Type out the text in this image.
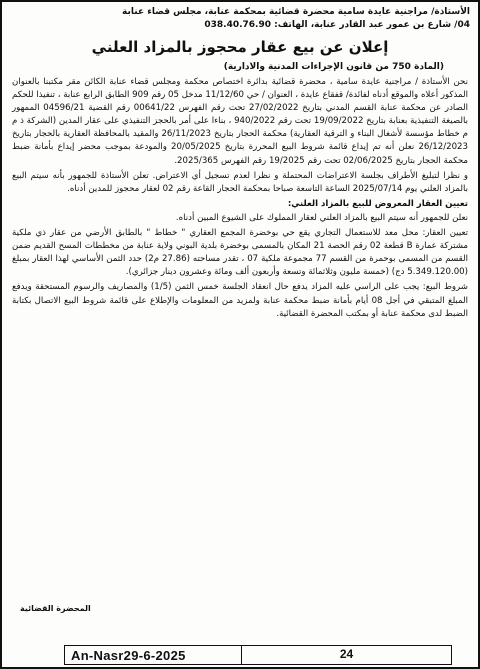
الأستاذة/ مراجنية عايدة سامية محضرة قضائية بمحكمة عنابة، مجلس قضاء عنابة
04/ شارع بن عمور عبد القادر عنابة، الهاتف: 038.40.76.90
إعلان عن بيع عقار محجوز بالمزاد العلني
(المادة 750 من قانون الإجراءات المدنية والادارية)

نحن الأستاذة / مراجنية عايدة سامية ، محضرة قضائية بدائرة اختصاص محكمة ومجلس قضاء عنابة الكائن مقر مكتبنا بالعنوان المذكور أعلاه والموقع أدناه لفائدة/ قفقاع عايدة ، العنوان / حي 11/12/60 مدخل 05 رقم 909 الطابق الرابع عنابة ، تنفيذا للحكم الصادر عن محكمة عنابة القسم المدني بتاريخ 27/02/2022 تحت رقم الفهرس 00641/22 رقم القضية 04596/21 الممهور بالصيغة التنفيذية بعنابة بتاريخ 19/09/2022 تحت رقم 940/2022 ، بناءا على أمر بالحجز التنفيذي على عقار المدين (الشركة ذ م م خطاط مؤسسة لأشغال البناء و الترقية العقارية) محكمة الحجار بتاريخ 26/11/2023 والمقيد بالمحافظة العقارية بالحجار بتاريخ 26/12/2023 نعلن أنه تم إيداع قائمة شروط البيع المحررة بتاريخ 20/05/2025 والمودعة بموجب محضر إيداع بأمانة ضبط محكمة الحجار بتاريخ 02/06/2025 تحت رقم 19/2025 رقم الفهرس 2025/365.

و نظرا لتبليغ الأطراف بجلسة الاعتراضات المحتملة و نظرا لعدم تسجيل أي الاعتراض. تعلن الأستاذة للجمهور بأنه سيتم البيع بالمزاد العلني يوم 2025/07/14 الساعة التاسعة صباحا بمحكمة الحجار القاعة رقم 02 لعقار محجوز للمدين أدناه.

تعيين العقار المعروض للبيع بالمزاد العلني:

نعلن للجمهور أنه سيتم البيع بالمزاد العلني لعقار المملوك على الشيوع المبين أدناه.

تعيين العقار: محل معد للاستعمال التجاري يقع حي بوخضرة المجمع العقاري " خطاط " بالطابق الأرضي من عقار ذي ملكية مشتركة عمارة B قطعة 02 رقم الحصة 21 المكان بالمسمى بوخضرة بلدية البوني ولاية عنابة من مخططات المسح القديم ضمن القسم من المسمى بوحمرة من القسم 77 مجموعة ملكية 07 ، تقدر مساحته (27.86 م2) حدد الثمن الأساسي لهذا العقار بمبلغ (5.349.120.00 دج) (خمسة مليون وثلاثمائة وتسعة وأربعون ألف ومائة وعشرون دينار جزائري).

شروط البيع: يجب على الراسي عليه المزاد يدفع حال انعقاد الجلسة خمس الثمن (1/5) والمصاريف والرسوم المستحقة ويدفع المبلغ المتبقي في أجل 08 أيام بأمانة ضبط محكمة عنابة ولمزيد من المعلومات والإطلاع على قائمة شروط البيع الاتصال بكتابة الضبط لدى محكمة عنابة أو بمكتب المحضرة القضائية.

المحضرة القضائية
An-Nasr29-6-2025	24
